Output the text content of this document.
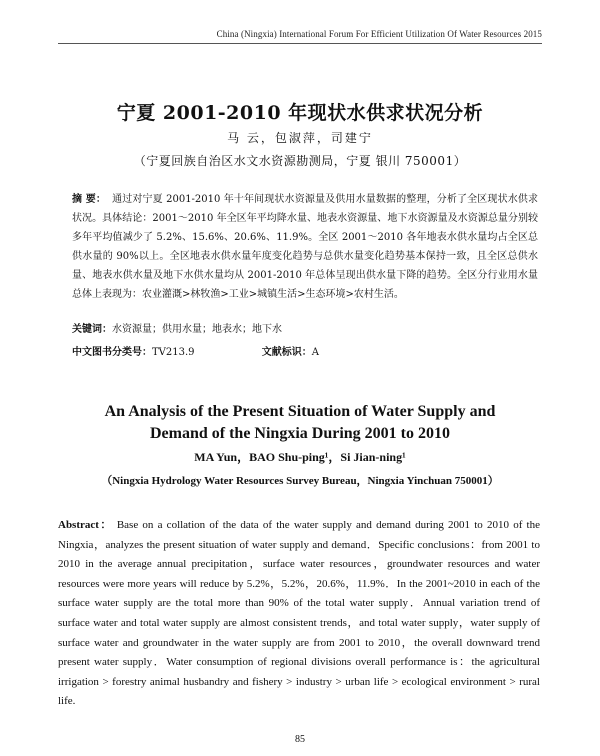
China (Ningxia) International Forum For Efficient Utilization Of Water Resources 2015
宁夏 2001-2010 年现状水供求状况分析
马 云，包淑萍，司建宁
（宁夏回族自治区水文水资源勘测局，宁夏 银川 750001）
摘 要： 通过对宁夏 2001-2010 年十年间现状水资源量及供用水量数据的整理，分析了全区现状水供求状况。具体结论：2001～2010 年全区年平均降水量、地表水资源量、地下水资源量及水资源总量分别较多年平均值减少了 5.2%、15.6%、20.6%、11.9%。全区 2001～2010 各年地表水供水量均占全区总供水量的 90%以上。全区地表水供水量年度变化趋势与总供水量变化趋势基本保持一致，且全区总供水量、地表水供水量及地下水供水量均从 2001-2010 年总体呈现出供水量下降的趋势。全区分行业用水量总体上表现为：农业灌溉>林牧渔>工业>城镇生活>生态环境>农村生活。
关键词：水资源量；供用水量；地表水；地下水
中文图书分类号：TV213.9	文献标识：A
An Analysis of the Present Situation of Water Supply and
Demand of the Ningxia During 2001 to 2010
MA Yun，BAO Shu-ping¹，Si Jian-ning¹
（Ningxia Hydrology Water Resources Survey Bureau，Ningxia Yinchuan 750001）
Abstract： Base on a collation of the data of the water supply and demand during 2001 to 2010 of the Ningxia，analyzes the present situation of water supply and demand．Specific conclusions：from 2001 to 2010 in the average annual precipitation，surface water resources，groundwater resources and water resources were more years will reduce by 5.2%，5.2%，20.6%，11.9%．In the 2001~2010 in each of the surface water supply are the total more than 90% of the total water supply．Annual variation trend of surface water and total water supply are almost consistent trends，and total water supply，water supply of surface water and groundwater in the water supply are from 2001 to 2010，the overall downward trend present water supply．Water consumption of regional divisions overall performance is：the agricultural irrigation > forestry animal husbandry and fishery > industry > urban life > ecological environment > rural life.
85
